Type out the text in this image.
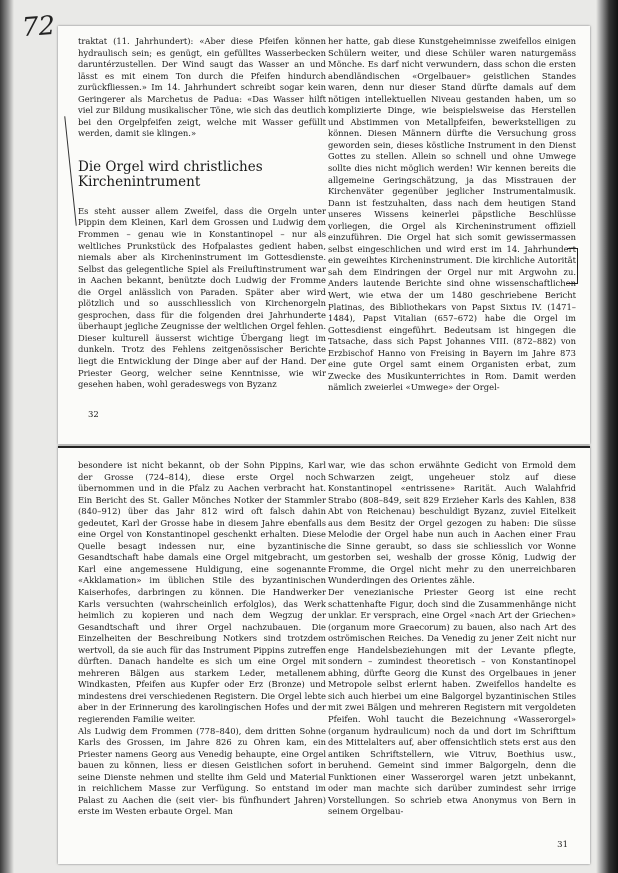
72	traktat (11. Jahrhundert): «Aber diese Pfeifen können hydraulisch sein; es genügt, ein gefülltes Wasserbecken daruntérzustellen. Der Wind saugt das Wasser an und lässt es mit einem Ton durch die Pfeifen hindurch zurückfliessen.» Im 14. Jahrhundert schreibt sogar kein Geringerer als Marchetus de Padua: «Das Wasser hilft viel zur Bildung musikalischer Töne, wie sich das deutlich bei den Orgelpfeifen zeigt, welche mit Wasser gefüllt werden, damit sie klingen.»

Die Orgel wird christliches Kirchenintrument

Es steht ausser allem Zweifel, dass die Orgeln unter Pippin dem Kleinen, Karl dem Grossen und Ludwig dem Frommen – genau wie in Konstantinopel – nur als weltliches Prunkstück des Hofpalastes gedient haben, niemals aber als Kircheninstrument im Gottesdienste. Selbst das gelegentliche Spiel als Freiluftinstrument war in Aachen bekannt, benützte doch Ludwig der Fromme die Orgel anlässlich von Paraden. Später aber wird plötzlich und so ausschliesslich von Kirchenorgeln gesprochen, dass für die folgenden drei Jahrhunderte überhaupt jegliche Zeugnisse der weltlichen Orgel fehlen. Dieser kulturell äusserst wichtige Übergang liegt im dunkeln. Trotz des Fehlens zeitgenössischer Berichte liegt die Entwicklung der Dinge aber auf der Hand. Der Priester Georg, welcher seine Kenntnisse, wie wir gesehen haben, wohl geradeswegs von Byzanz

her hatte, gab diese Kunstgeheimnisse zweifellos einigen Schülern weiter, und diese Schüler waren naturgemäss Mönche. Es darf nicht verwundern, dass schon die ersten abendländischen «Orgelbauer» geistlichen Standes waren, denn nur dieser Stand dürfte damals auf dem nötigen intellektuellen Niveau gestanden haben, um so komplizierte Dinge, wie beispielsweise das Herstellen und Abstimmen von Metallpfeifen, bewerkstelligen zu können. Diesen Männern dürfte die Versuchung gross geworden sein, dieses köstliche Instrument in den Dienst Gottes zu stellen. Allein so schnell und ohne Umwege sollte dies nicht möglich werden! Wir kennen bereits die allgemeine Geringschätzung, ja das Misstrauen der Kirchenväter gegenüber jeglicher Instrumentalmusik. Dann ist festzuhalten, dass nach dem heutigen Stand unseres Wissens keinerlei päpstliche Beschlüsse vorliegen, die Orgel als Kircheninstrument offiziell einzuführen. Die Orgel hat sich somit gewissermassen selbst eingeschlichen und wird erst im 14. Jahrhundert ein geweihtes Kircheninstrument. Die kirchliche Autorität sah dem Eindringen der Orgel nur mit Argwohn zu. Anders lautende Berichte sind ohne wissenschaftlichen Wert, wie etwa der um 1480 geschriebene Bericht Platinas, des Bibliothekars von Papst Sixtus IV. (1471–1484), Papst Vitalian (657–672) habe die Orgel im Gottesdienst eingeführt. Bedeutsam ist hingegen die Tatsache, dass sich Papst Johannes VIII. (872–882) von Erzbischof Hanno von Freising in Bayern im Jahre 873 eine gute Orgel samt einem Organisten erbat, zum Zwecke des Musikunterrichtes in Rom. Damit werden nämlich zweierlei «Umwege» der Orgel-

32

besondere ist nicht bekannt, ob der Sohn Pippins, Karl der Grosse (724–814), diese erste Orgel noch übernommen und in die Pfalz zu Aachen verbracht hat. Ein Bericht des St. Galler Mönches Notker der Stammler (840–912) über das Jahr 812 wird oft falsch dahin gedeutet, Karl der Grosse habe in diesem Jahre ebenfalls eine Orgel von Konstantinopel geschenkt erhalten. Diese Quelle besagt indessen nur, eine byzantinische Gesandtschaft habe damals eine Orgel mitgebracht, um Karl eine angemessene Huldigung, eine sogenannte «Akklamation» im üblichen Stile des byzantinischen Kaiserhofes, darbringen zu können. Die Handwerker Karls versuchten (wahrscheinlich erfolglos), das Werk heimlich zu kopieren und nach dem Wegzug der Gesandtschaft und ihrer Orgel nachzubauen. Die Einzelheiten der Beschreibung Notkers sind trotzdem wertvoll, da sie auch für das Instrument Pippins zutreffen dürften. Danach handelte es sich um eine Orgel mit mehreren Bälgen aus starkem Leder, metallenem Windkasten, Pfeifen aus Kupfer oder Erz (Bronze) und mindestens drei verschiedenen Registern. Die Orgel lebte aber in der Erinnerung des karolingischen Hofes und der regierenden Familie weiter.

Als Ludwig dem Frommen (778–840), dem dritten Sohne Karls des Grossen, im Jahre 826 zu Ohren kam, ein Priester namens Georg aus Venedig behaupte, eine Orgel bauen zu können, liess er diesen Geistlichen sofort in seine Dienste nehmen und stellte ihm Geld und Material in reichlichem Masse zur Verfügung. So entstand im Palast zu Aachen die (seit vier- bis fünfhundert Jahren) erste im Westen erbaute Orgel. Man

war, wie das schon erwähnte Gedicht von Ermold dem Schwarzen zeigt, ungeheuer stolz auf diese Konstantinopel «entrissene» Rarität. Auch Walahfrid Strabo (808–849, seit 829 Erzieher Karls des Kahlen, 838 Abt von Reichenau) beschuldigt Byzanz, zuviel Eitelkeit aus dem Besitz der Orgel gezogen zu haben: Die süsse Melodie der Orgel habe nun auch in Aachen einer Frau die Sinne geraubt, so dass sie schliesslich vor Wonne gestorben sei, weshalb der grosse König, Ludwig der Fromme, die Orgel nicht mehr zu den unerreichbaren Wunderdingen des Orientes zähle.

Der venezianische Priester Georg ist eine recht schattenhafte Figur, doch sind die Zusammenhänge nicht unklar. Er versprach, eine Orgel «nach Art der Griechen» (organum more Graecorum) zu bauen, also nach Art des oströmischen Reiches. Da Venedig zu jener Zeit nicht nur enge Handelsbeziehungen mit der Levante pflegte, sondern – zumindest theoretisch – von Konstantinopel abhing, dürfte Georg die Kunst des Orgelbaues in jener Metropole selbst erlernt haben. Zweifellos handelte es sich auch hierbei um eine Balgorgel byzantinischen Stiles mit zwei Bälgen und mehreren Registern mit vergoldeten Pfeifen. Wohl taucht die Bezeichnung «Wasserorgel» (organum hydraulicum) noch da und dort im Schrifttum des Mittelalters auf, aber offensichtlich stets erst aus den antiken Schriftstellern, wie Vitruv, Boethius usw., beruhend. Gemeint sind immer Balgorgeln, denn die Funktionen einer Wasserorgel waren jetzt unbekannt, oder man machte sich darüber zumindest sehr irrige Vorstellungen. So schrieb etwa Anonymus von Bern in seinem Orgelbau-

31
